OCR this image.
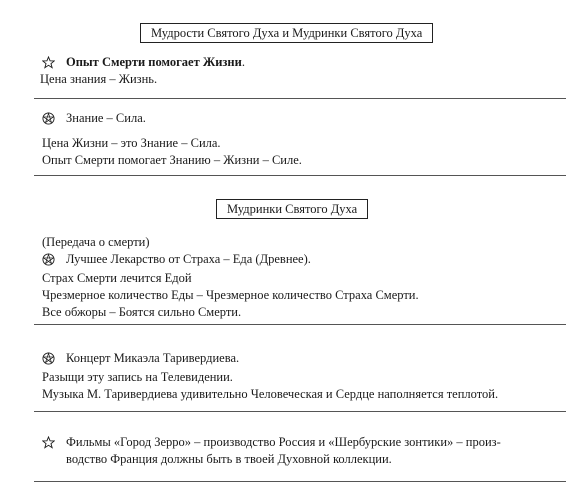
Мудрости Святого Духа и Мудринки Святого Духа
Опыт Смерти помогает Жизни .
Цена знания – Жизнь.
Знание – Сила.
Цена Жизни – это Знание – Сила.
Опыт Смерти помогает Знанию – Жизни – Силе.
Мудринки Святого Духа
(Передача о смерти)
Лучшее Лекарство от Страха – Еда (Древнее).
Страх Смерти лечится Едой
Чрезмерное количество Еды – Чрезмерное количество Страха Смерти.
Все обжоры – Боятся сильно Смерти.
Концерт Микаэла Таривердиева.
Разыщи эту запись на Телевидении.
Музыка М. Таривердиева удивительно Человеческая и Сердце наполняется теплотой.
Фильмы «Город Зерро» – производство Россия и «Шербурские зонтики» – произ-
водство Франция должны быть в твоей Духовной коллекции.
